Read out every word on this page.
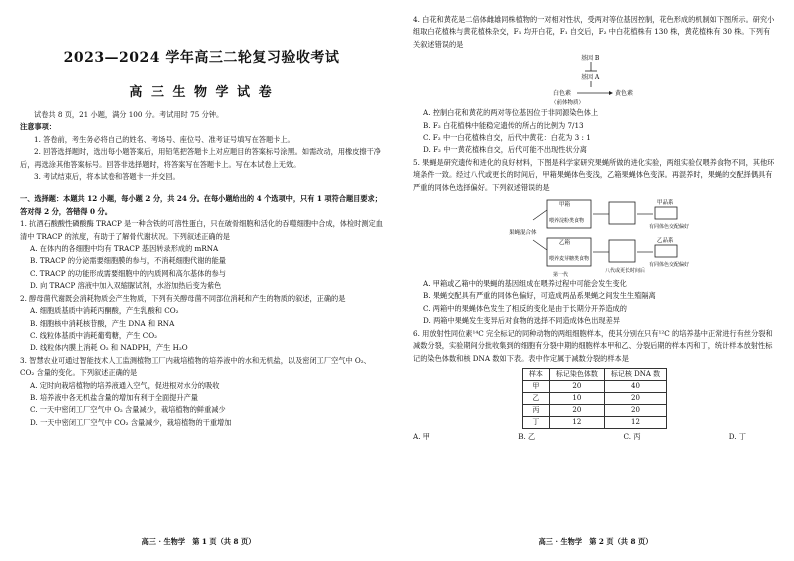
2023—2024 学年高三二轮复习验收考试
高 三 生 物 学 试 卷

试卷共 8 页，21 小题，满分 100 分。考试用时 75 分钟。

注意事项：

1. 答卷前，考生务必将自己的姓名、考场号、座位号、准考证号填写在答题卡上。

2. 回答选择题时，选出每小题答案后，用铅笔把答题卡上对应题目的答案标号涂黑。如需改动，用橡皮擦干净后，再选涂其他答案标号。回答非选择题时，将答案写在答题卡上。写在本试卷上无效。

3. 考试结束后，将本试卷和答题卡一并交回。

一、选择题：本题共 12 小题，每小题 2 分，共 24 分。在每小题给出的 4 个选项中，只有 1 项符合题目要求；答对得 2 分，答错得 0 分。

1. 抗酒石酸酸性磷酸酶 TRACP 是一种含铁的可溶性蛋白，只在破骨细胞和活化的吞噬细胞中合成，体检时测定血清中 TRACP 的浓度，有助于了解骨代谢状况。下列叙述正确的是

A. 在体内的各细胞中均有 TRACP 基因转录形成的 mRNA

B. TRACP 的分泌需要细胞膜的参与，不消耗细胞代谢的能量

C. TRACP 的功能形成需要细胞中的内质网和高尔基体的参与

D. 向 TRACP 溶液中加入双缩脲试剂，水浴加热后变为紫色

2. 醇母菌代谢既会消耗物质会产生物质，下列有关醇母菌不同部位消耗和产生的物质的叙述，正确的是

A. 细胞质基质中消耗丙酮酸，产生乳酸和 CO₂

B. 细胞核中消耗核苷酸，产生 DNA 和 RNA

C. 线粒体基质中消耗葡萄糖，产生 CO₂

D. 线粒体内膜上消耗 O₂ 和 NADPH，产生 H₂O

3. 智慧农业可通过智能技术人工监测植物工厂内栽培植物的培养液中的水和无机盐，以及密闭工厂空气中 O₂、CO₂ 含量的变化。下列叙述正确的是

A. 定时向栽培植物的培养液通入空气，促进根对水分的吸收

B. 培养液中各无机盐含量的增加有利于全面提升产量

C. 一天中密闭工厂空气中 O₂ 含量减少，栽培植物的鲜重减少

D. 一天中密闭工厂空气中 CO₂ 含量减少，栽培植物的干重增加

高三 · 生物学　第 1 页（共 8 页）

4. 白花和黄花是二倍体雌雄同株植物的一对相对性状，受两对等位基因控制，花色形成的机制如下图所示。研究小组取白花植株与黄花植株杂交，F₁ 均开白花，F₁ 自交后，F₂ 中白花植株有 130 株，黄花植株有 30 株。下列有关叙述错误的是

基因 B
基因 A
白色素	黄色素
（前体物质）

A. 控制白花和黄花的两对等位基因位于非同源染色体上

B. F₂ 白花植株中能稳定遗传的所占的比例为 7/13

C. F₂ 中一白花植株自交，后代中黄花：白花为 3 : 1

D. F₂ 中一黄花植株自交，后代可能不出现性状分离

5. 果蝇是研究遗传和进化的良好材料，下图是科学家研究果蝇所做的进化实验，两组实验仅喂养食物不同，其他环境条件一致。经过八代或更长的时间后，甲箱果蝇体色变浅，乙箱果蝇体色变深。再混养时，果蝇的交配择偶具有严重的同体色选择偏好。下列叙述错误的是

果蝇混合体
甲箱
喂养淀粉类食物
乙箱
喂养麦芽糖类食物
第一代
八代或更长时间后
甲品系
有同体色交配偏好
乙品系
有同体色交配偏好

A. 甲箱或乙箱中的果蝇的基因组成在喂养过程中可能会发生变化

B. 果蝇交配具有严重的同体色偏好，可造成两品系果蝇之间发生生殖隔离

C. 两箱中的果蝇体色发生了相反的变化是由于长期分开养造成的

D. 两箱中果蝇发生变异后对食物的选择不同造成体色出现差异

6. 用放射性同位素¹⁴C 完全标记的同种动物的两组细胞样本，使其分别在只有¹²C 的培养基中正常进行有丝分裂和减数分裂，实验期间分批收集到的细胞有分裂中期的细胞样本甲和乙、分裂后期的样本丙和丁，统计样本放射性标记的染色体数和核 DNA 数如下表。表中作定属于减数分裂的样本是

样本	标记染色体数	标记核 DNA 数
甲	20	40
乙	10	20
丙	20	20
丁	12	12
A. 甲	B. 乙	C. 丙	D. 丁
高三 · 生物学　第 2 页（共 8 页）
